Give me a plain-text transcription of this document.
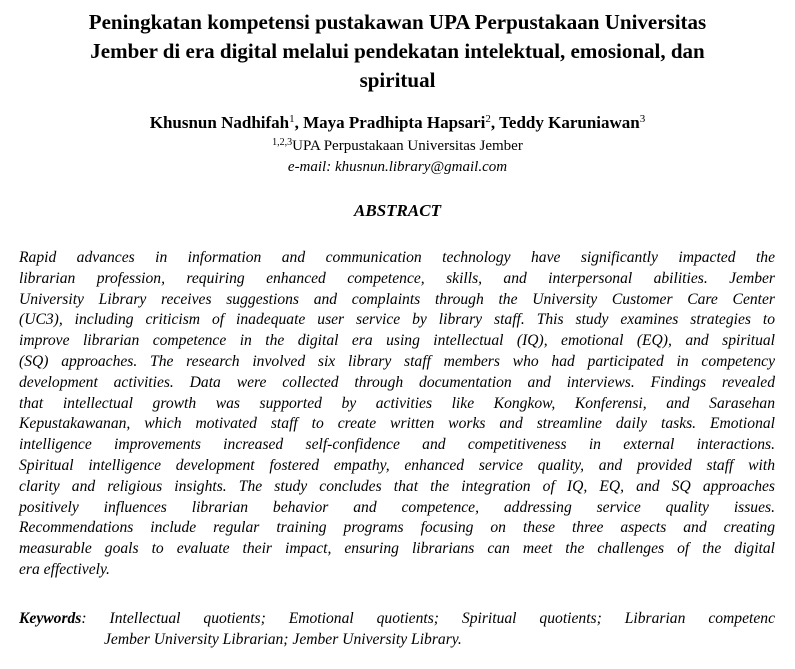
Peningkatan kompetensi pustakawan UPA Perpustakaan Universitas
Jember di era digital melalui pendekatan intelektual, emosional, dan
spiritual
Khusnun Nadhifah$^1$, Maya Pradhipta Hapsari$^2$, Teddy Karuniawan$^3$
$^{1,2,3}$UPA Perpustakaan Universitas Jember
e-mail: khusnun.library@gmail.com
ABSTRACT

Rapid advances in information and communication technology have significantly impacted the
librarian profession, requiring enhanced competence, skills, and interpersonal abilities. Jember
University Library receives suggestions and complaints through the University Customer Care Center
(UC3), including criticism of inadequate user service by library staff. This study examines strategies to
improve librarian competence in the digital era using intellectual (IQ), emotional (EQ), and spiritual
(SQ) approaches. The research involved six library staff members who had participated in competency
development activities. Data were collected through documentation and interviews. Findings revealed
that intellectual growth was supported by activities like Kongkow, Konferensi, and Sarasehan
Kepustakawanan, which motivated staff to create written works and streamline daily tasks. Emotional
intelligence improvements increased self-confidence and competitiveness in external interactions.
Spiritual intelligence development fostered empathy, enhanced service quality, and provided staff with
clarity and religious insights. The study concludes that the integration of IQ, EQ, and SQ approaches
positively influences librarian behavior and competence, addressing service quality issues.
Recommendations include regular training programs focusing on these three aspects and creating
measurable goals to evaluate their impact, ensuring librarians can meet the challenges of the digital
era effectively.

Keywords: Intellectual quotients; Emotional quotients; Spiritual quotients; Librarian competenc
Jember University Librarian; Jember University Library.
